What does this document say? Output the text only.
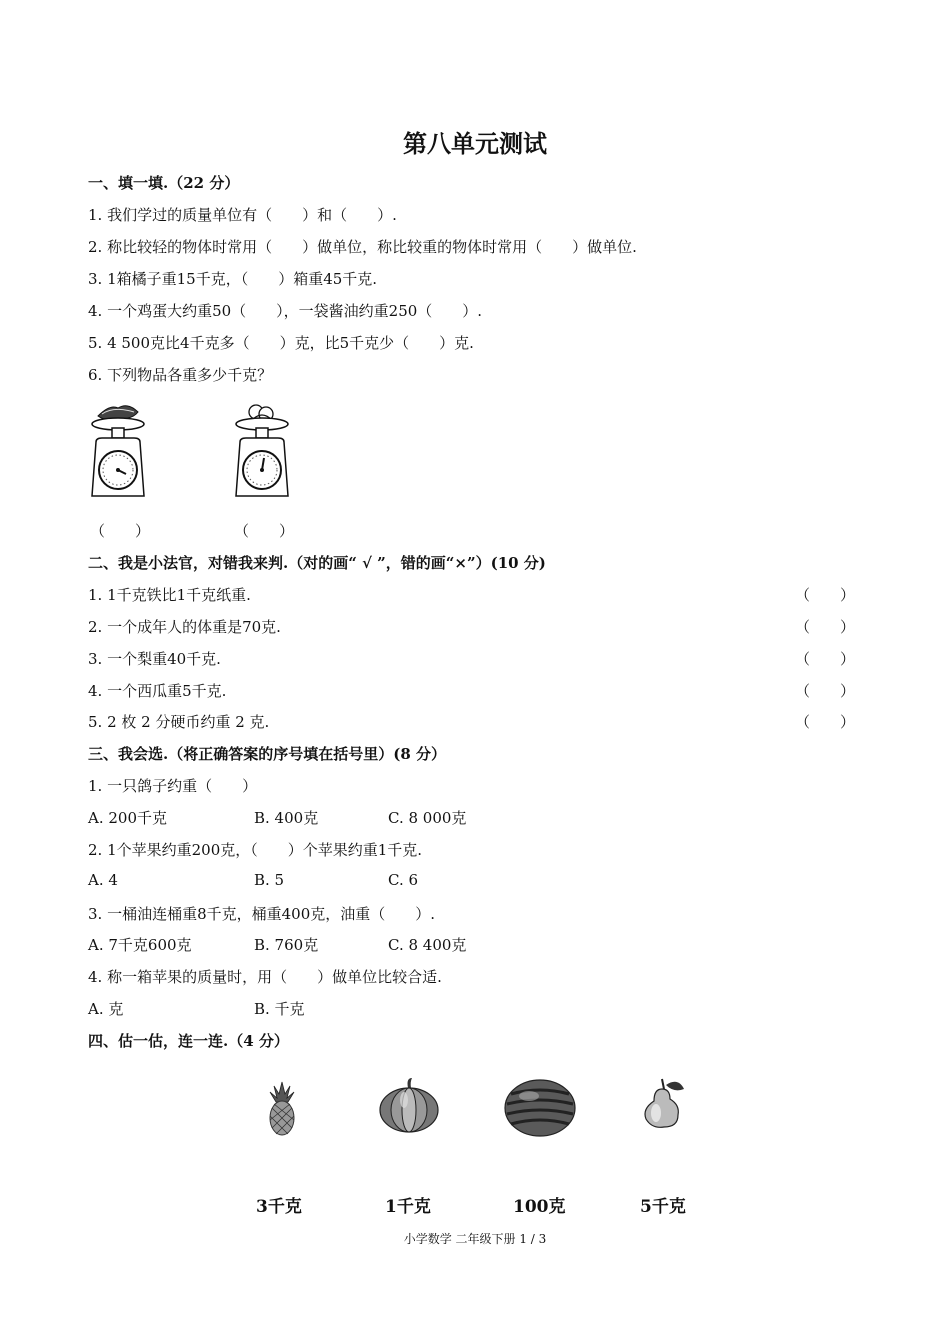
第八单元测试
一、填一填.（22 分）
1. 我们学过的质量单位有（　　）和（　　）.
2. 称比较轻的物体时常用（　　）做单位，称比较重的物体时常用（　　）做单位.
3. 1箱橘子重15千克，（　　）箱重45千克.
4. 一个鸡蛋大约重50（　　），一袋酱油约重250（　　）.
5. 4 500克比4千克多（　　）克，比5千克少（　　）克.
6. 下列物品各重多少千克？
（　　）	（　　）
二、我是小法官，对错我来判.（对的画“ √ ”，错的画“×”）(10 分)
1. 1千克铁比1千克纸重.	（　　）
2. 一个成年人的体重是70克.	（　　）
3. 一个梨重40千克.	（　　）
4. 一个西瓜重5千克.	（　　）
5. 2 枚 2 分硬币约重 2 克.	（　　）
三、我会选.（将正确答案的序号填在括号里）(8 分）
1. 一只鸽子约重（　　）
A. 200千克	B. 400克	C. 8 000克
2. 1个苹果约重200克，（　　）个苹果约重1千克.
A. 4	B. 5	C. 6
3. 一桶油连桶重8千克，桶重400克，油重（　　）.
A. 7千克600克	B. 760克	C. 8 400克
4. 称一箱苹果的质量时，用（　　）做单位比较合适.
A. 克	B. 千克
四、估一估，连一连.（4 分）
3千克	1千克	100克	5千克
小学数学 二年级下册 1 / 3
